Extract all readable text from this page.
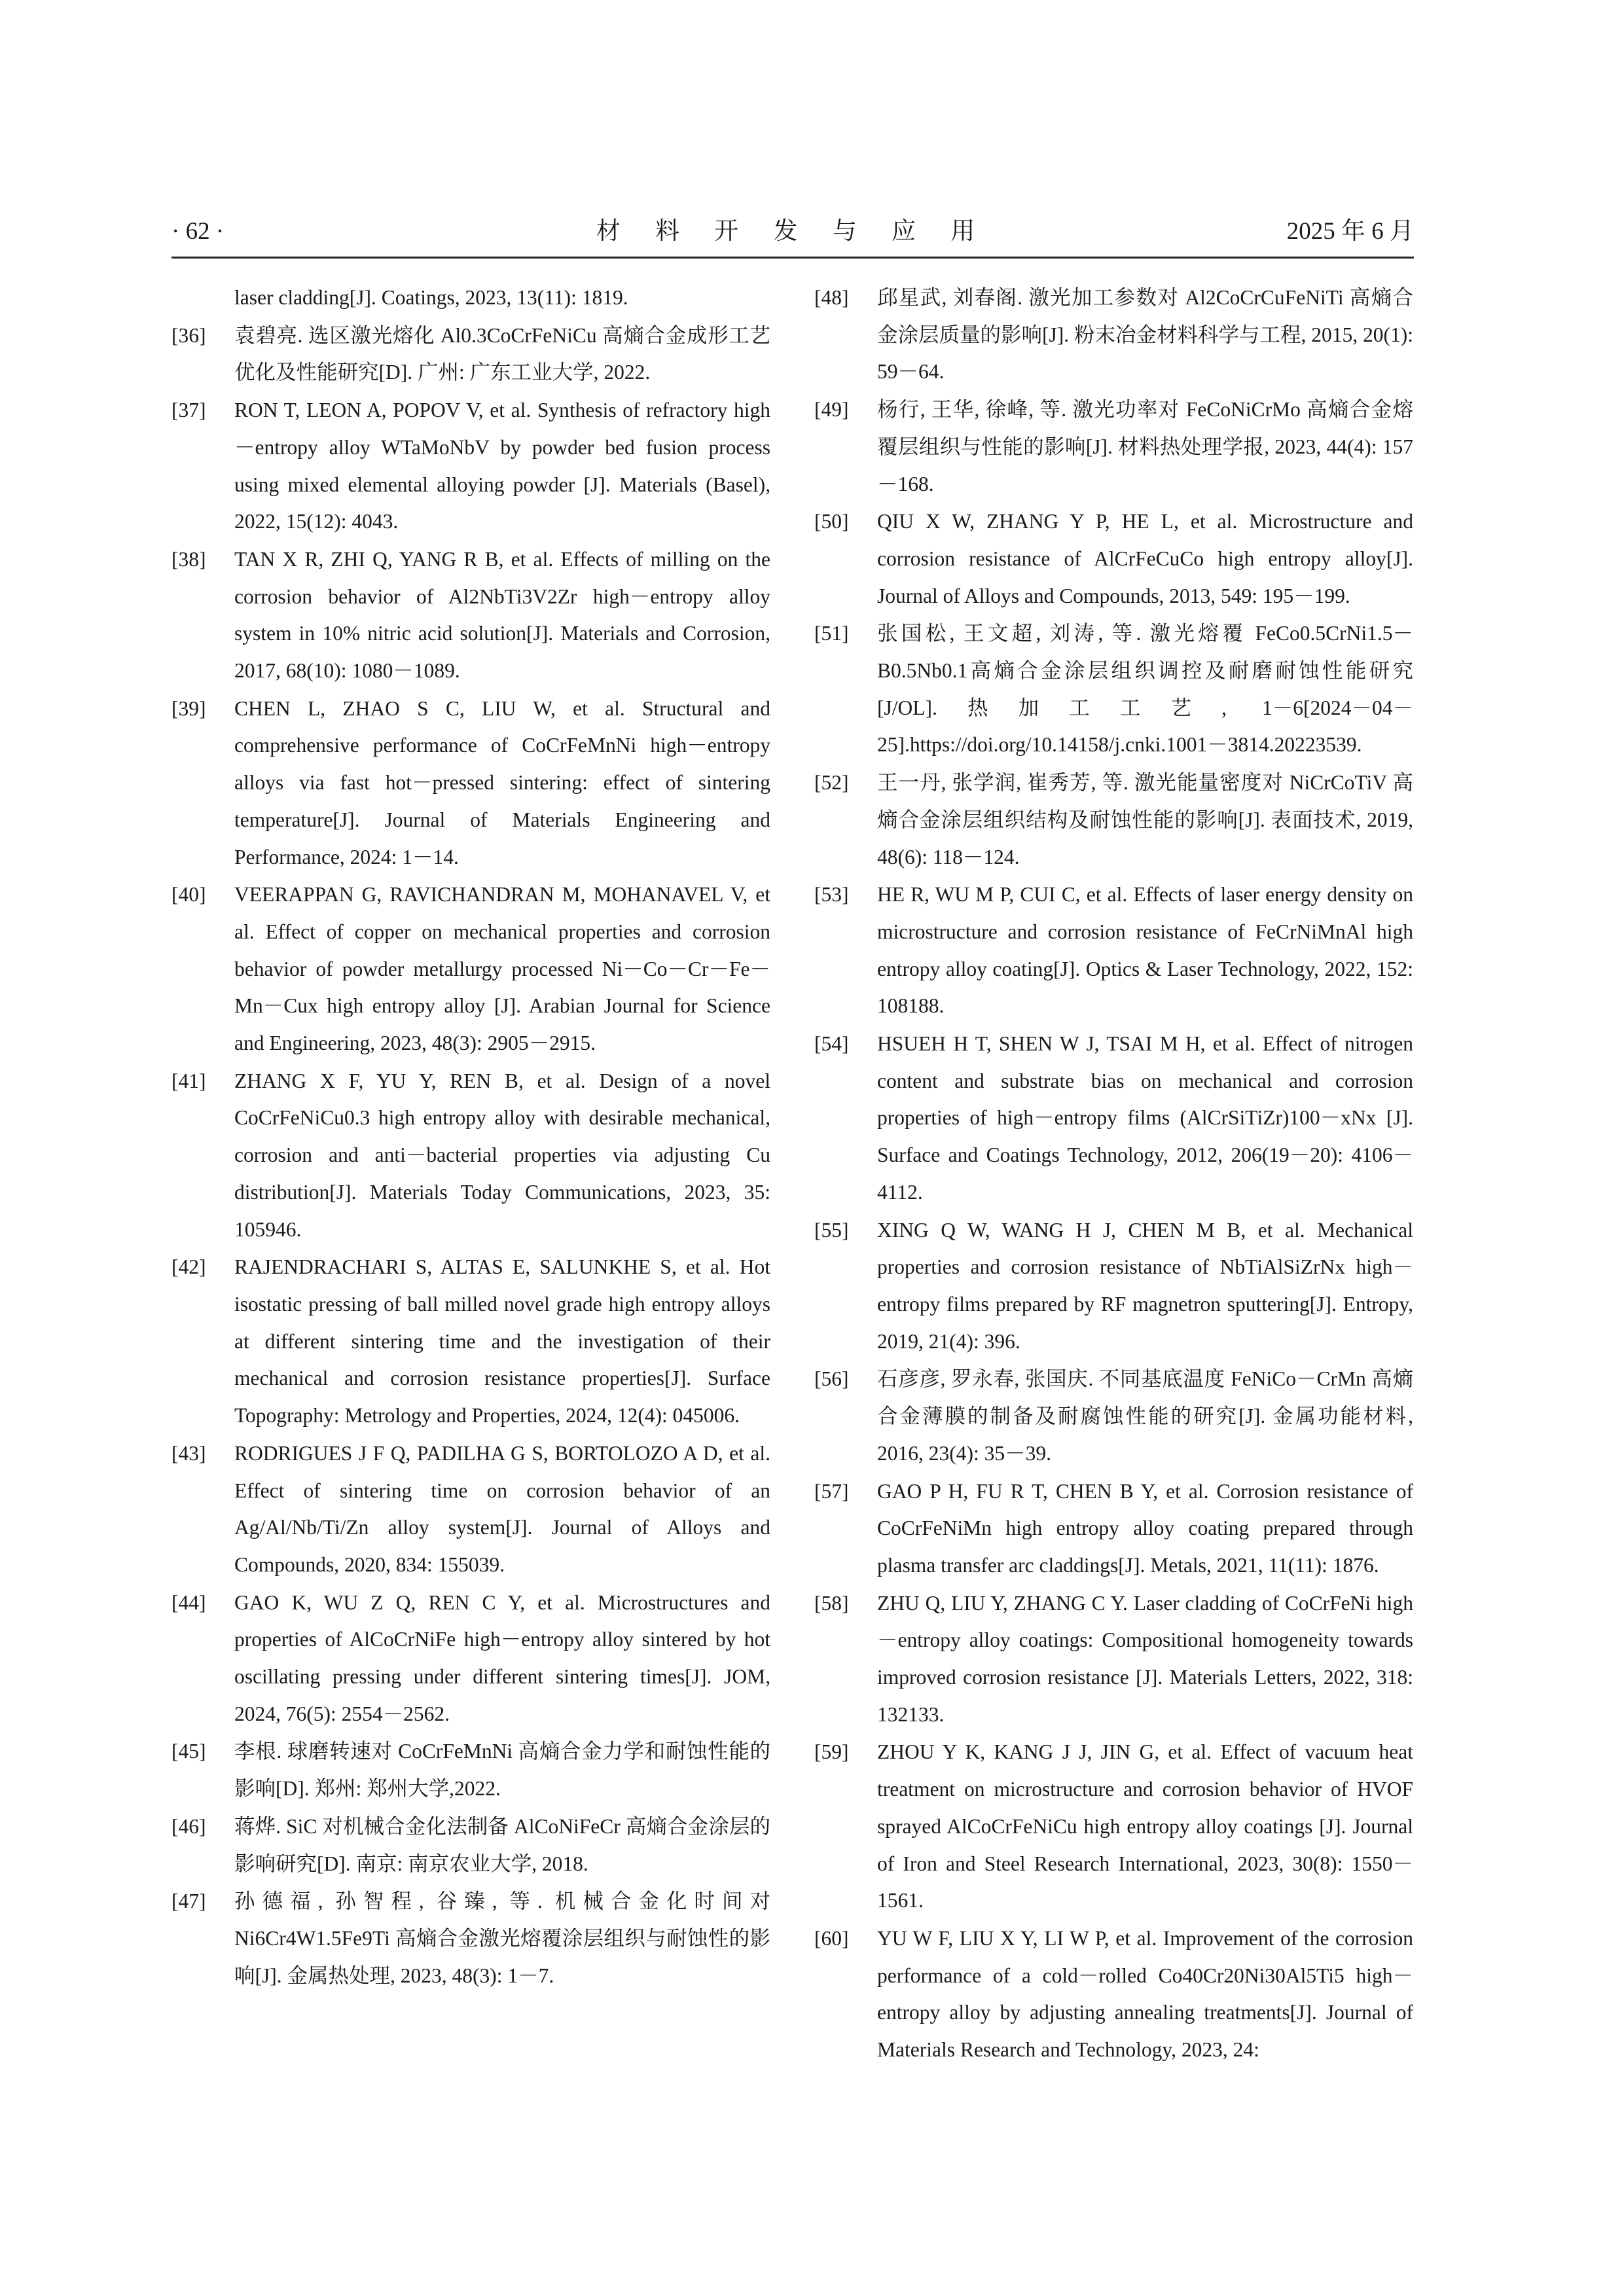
· 62 ·	材 料 开 发 与 应 用	2025 年 6 月
laser cladding[J]. Coatings, 2023, 13(11): 1819.
[36]	袁碧亮. 选区激光熔化 Al0.3CoCrFeNiCu 高熵合金成形工艺优化及性能研究[D]. 广州: 广东工业大学, 2022.
[37]	RON T, LEON A, POPOV V, et al. Synthesis of refractory high－entropy alloy WTaMoNbV by powder bed fusion process using mixed elemental alloying powder [J]. Materials (Basel), 2022, 15(12): 4043.
[38]	TAN X R, ZHI Q, YANG R B, et al. Effects of milling on the corrosion behavior of Al2NbTi3V2Zr high－entropy alloy system in 10% nitric acid solution[J]. Materials and Corrosion, 2017, 68(10): 1080－1089.
[39]	CHEN L, ZHAO S C, LIU W, et al. Structural and comprehensive performance of CoCrFeMnNi high－entropy alloys via fast hot－pressed sintering: effect of sintering temperature[J]. Journal of Materials Engineering and Performance, 2024: 1－14.
[40]	VEERAPPAN G, RAVICHANDRAN M, MOHANAVEL V, et al. Effect of copper on mechanical properties and corrosion behavior of powder metallurgy processed Ni－Co－Cr－Fe－Mn－Cux high entropy alloy [J]. Arabian Journal for Science and Engineering, 2023, 48(3): 2905－2915.
[41]	ZHANG X F, YU Y, REN B, et al. Design of a novel CoCrFeNiCu0.3 high entropy alloy with desirable mechanical, corrosion and anti－bacterial properties via adjusting Cu distribution[J]. Materials Today Communications, 2023, 35: 105946.
[42]	RAJENDRACHARI S, ALTAS E, SALUNKHE S, et al. Hot isostatic pressing of ball milled novel grade high entropy alloys at different sintering time and the investigation of their mechanical and corrosion resistance properties[J]. Surface Topography: Metrology and Properties, 2024, 12(4): 045006.
[43]	RODRIGUES J F Q, PADILHA G S, BORTOLOZO A D, et al. Effect of sintering time on corrosion behavior of an Ag/Al/Nb/Ti/Zn alloy system[J]. Journal of Alloys and Compounds, 2020, 834: 155039.
[44]	GAO K, WU Z Q, REN C Y, et al. Microstructures and properties of AlCoCrNiFe high－entropy alloy sintered by hot oscillating pressing under different sintering times[J]. JOM, 2024, 76(5): 2554－2562.
[45]	李根. 球磨转速对 CoCrFeMnNi 高熵合金力学和耐蚀性能的影响[D]. 郑州: 郑州大学,2022.
[46]	蒋烨. SiC 对机械合金化法制备 AlCoNiFeCr 高熵合金涂层的影响研究[D]. 南京: 南京农业大学, 2018.
[47]	孙德福, 孙智程, 谷臻, 等. 机械合金化时间对 Ni6Cr4W1.5Fe9Ti 高熵合金激光熔覆涂层组织与耐蚀性的影响[J]. 金属热处理, 2023, 48(3): 1－7.
[48]	邱星武, 刘春阁. 激光加工参数对 Al2CoCrCuFeNiTi 高熵合金涂层质量的影响[J]. 粉末冶金材料科学与工程, 2015, 20(1): 59－64.
[49]	杨行, 王华, 徐峰, 等. 激光功率对 FeCoNiCrMo 高熵合金熔覆层组织与性能的影响[J]. 材料热处理学报, 2023, 44(4): 157－168.
[50]	QIU X W, ZHANG Y P, HE L, et al. Microstructure and corrosion resistance of AlCrFeCuCo high entropy alloy[J]. Journal of Alloys and Compounds, 2013, 549: 195－199.
[51]	张国松, 王文超, 刘涛, 等. 激光熔覆 FeCo0.5CrNi1.5－B0.5Nb0.1高熵合金涂层组织调控及耐磨耐蚀性能研究[J/OL].热加工工艺, 1－6[2024－04－25].https://doi.org/10.14158/j.cnki.1001－3814.20223539.
[52]	王一丹, 张学润, 崔秀芳, 等. 激光能量密度对 NiCrCoTiV 高熵合金涂层组织结构及耐蚀性能的影响[J]. 表面技术, 2019, 48(6): 118－124.
[53]	HE R, WU M P, CUI C, et al. Effects of laser energy density on microstructure and corrosion resistance of FeCrNiMnAl high entropy alloy coating[J]. Optics & Laser Technology, 2022, 152: 108188.
[54]	HSUEH H T, SHEN W J, TSAI M H, et al. Effect of nitrogen content and substrate bias on mechanical and corrosion properties of high－entropy films (AlCrSiTiZr)100－xNx [J]. Surface and Coatings Technology, 2012, 206(19－20): 4106－4112.
[55]	XING Q W, WANG H J, CHEN M B, et al. Mechanical properties and corrosion resistance of NbTiAlSiZrNx high－entropy films prepared by RF magnetron sputtering[J]. Entropy, 2019, 21(4): 396.
[56]	石彦彦, 罗永春, 张国庆. 不同基底温度 FeNiCo－CrMn 高熵合金薄膜的制备及耐腐蚀性能的研究[J]. 金属功能材料, 2016, 23(4): 35－39.
[57]	GAO P H, FU R T, CHEN B Y, et al. Corrosion resistance of CoCrFeNiMn high entropy alloy coating prepared through plasma transfer arc claddings[J]. Metals, 2021, 11(11): 1876.
[58]	ZHU Q, LIU Y, ZHANG C Y. Laser cladding of CoCrFeNi high－entropy alloy coatings: Compositional homogeneity towards improved corrosion resistance [J]. Materials Letters, 2022, 318: 132133.
[59]	ZHOU Y K, KANG J J, JIN G, et al. Effect of vacuum heat treatment on microstructure and corrosion behavior of HVOF sprayed AlCoCrFeNiCu high entropy alloy coatings [J]. Journal of Iron and Steel Research International, 2023, 30(8): 1550－1561.
[60]	YU W F, LIU X Y, LI W P, et al. Improvement of the corrosion performance of a cold－rolled Co40Cr20Ni30Al5Ti5 high－entropy alloy by adjusting annealing treatments[J]. Journal of Materials Research and Technology, 2023, 24:
